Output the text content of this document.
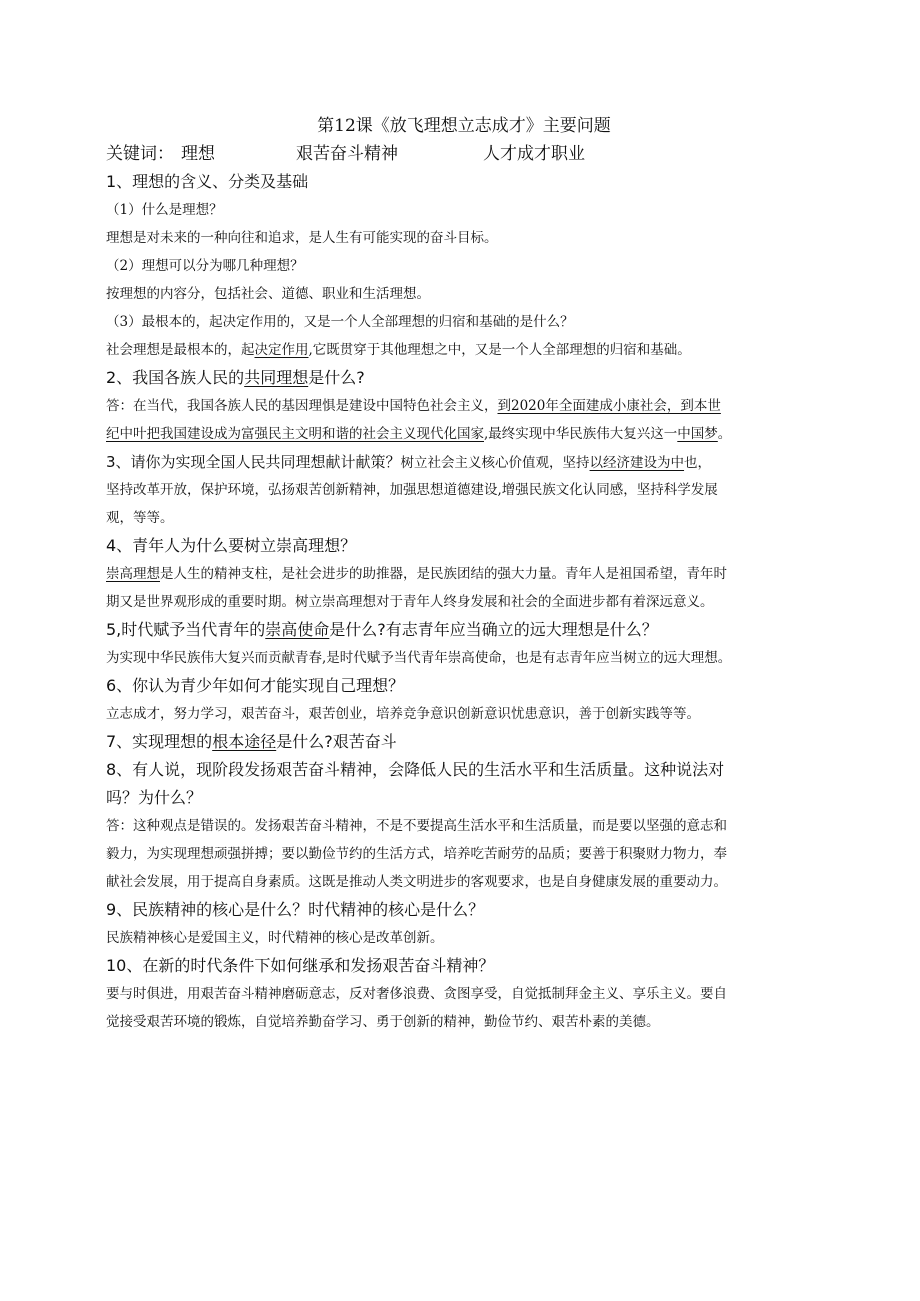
第12课《放飞理想立志成才》主要问题
关键词： 理想	艰苦奋斗精神	人才成才职业
1、理想的含义、分类及基础
（1）什么是理想？
理想是对未来的一种向往和追求，是人生有可能实现的奋斗目标。
（2）理想可以分为哪几种理想？
按理想的内容分，包括社会、道德、职业和生活理想。
（3）最根本的，起决定作用的，又是一个人全部理想的归宿和基础的是什么？
社会理想是最根本的，起决定作用,它既贯穿于其他理想之中，又是一个人全部理想的归宿和基础。
2、我国各族人民的共同理想是什么?
答：在当代，我国各族人民的基因理惧是建设中国特色社会主义，到2020年全面建成小康社会，到本世
纪中叶把我国建设成为富强民主文明和谐的社会主义现代化国家,最终实现中华民族伟大复兴这一中国梦。
3、请你为实现全国人民共同理想献计献策？树立社会主义核心价值观，坚持以经济建设为中也，
坚持改革开放，保护环境，弘扬艰苦创新精神，加强思想道德建设,增强民族文化认同感，坚持科学发展
观，等等。
4、青年人为什么要树立崇高理想？
崇高理想是人生的精神支柱，是社会进步的助推器，是民族团结的强大力量。青年人是祖国希望，青年时
期又是世界观形成的重要时期。树立崇高理想对于青年人终身发展和社会的全面进步都有着深远意义。
5,时代赋予当代青年的崇高使命是什么?有志青年应当确立的远大理想是什么？
为实现中华民族伟大复兴而贡献青春,是时代赋予当代青年崇高使命，也是有志青年应当树立的远大理想。
6、你认为青少年如何才能实现自己理想？
立志成才，努力学习，艰苦奋斗，艰苦创业，培养竞争意识创新意识忧患意识，善于创新实践等等。
7、实现理想的根本途径是什么?艰苦奋斗
8、有人说，现阶段发扬艰苦奋斗精神，会降低人民的生活水平和生活质量。这种说法对
吗？为什么？
答：这种观点是错误的。发扬艰苦奋斗精神，不是不要提高生活水平和生活质量，而是要以坚强的意志和
毅力，为实现理想顽强拼搏；要以勤俭节约的生活方式，培养吃苦耐劳的品质；要善于积聚财力物力，奉
献社会发展，用于提高自身素质。这既是推动人类文明进步的客观要求，也是自身健康发展的重要动力。
9、民族精神的核心是什么？时代精神的核心是什么？
民族精神核心是爱国主义，时代精神的核心是改革创新。
10、在新的时代条件下如何继承和发扬艰苦奋斗精神？
要与时俱进，用艰苦奋斗精神磨砺意志，反对奢侈浪费、贪图享受，自觉抵制拜金主义、享乐主义。要自
觉接受艰苦环境的锻炼，自觉培养勤奋学习、勇于创新的精神，勤俭节约、艰苦朴素的美德。
